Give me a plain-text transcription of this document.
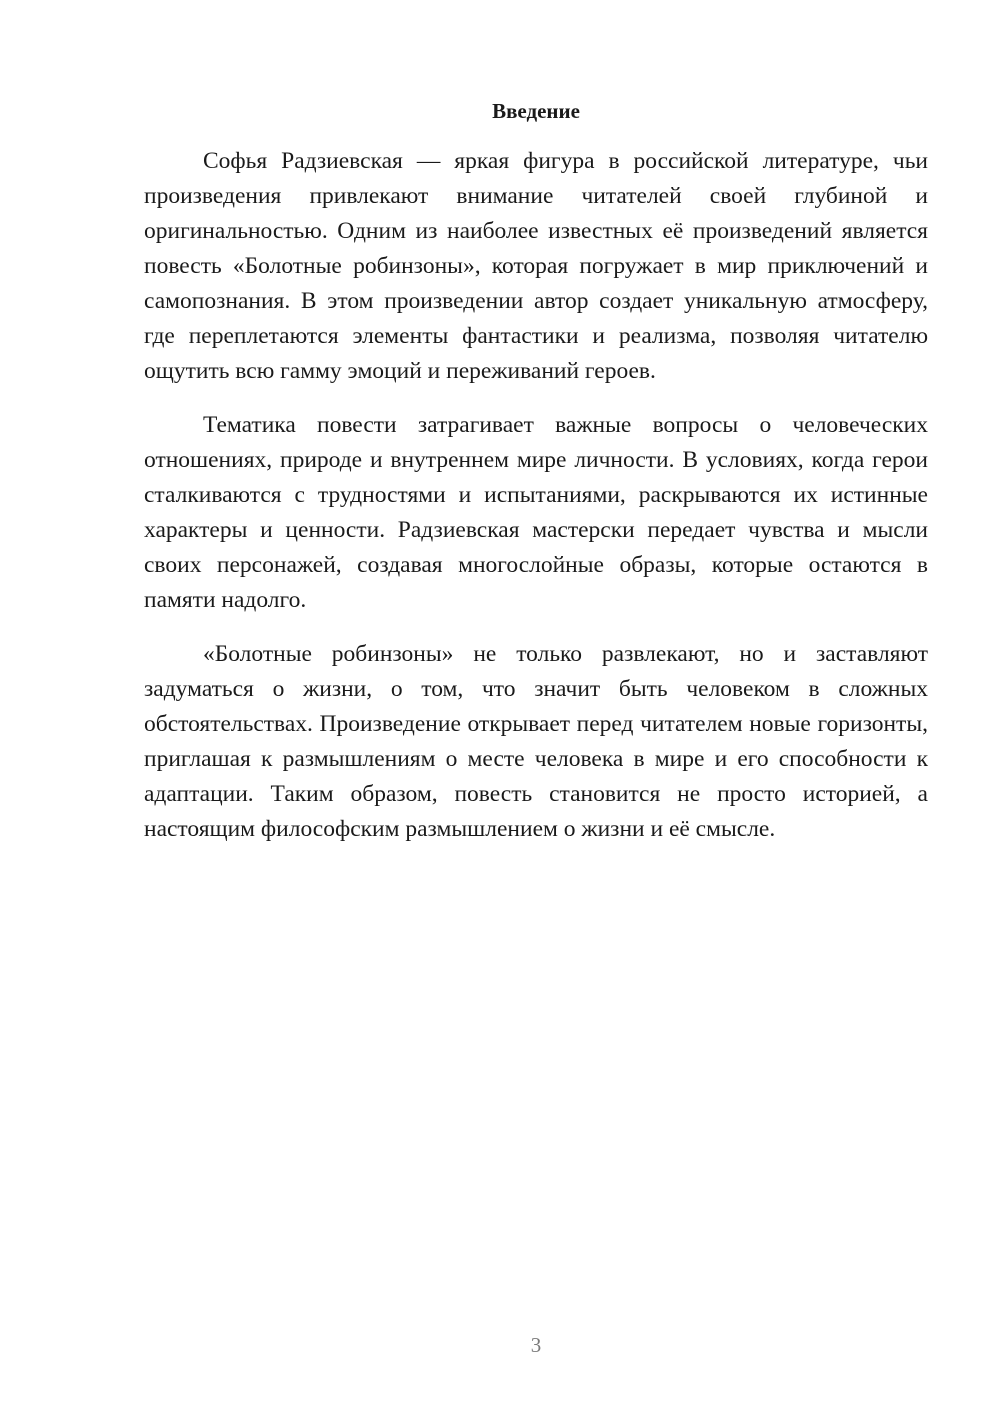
Введение

Софья Радзиевская — яркая фигура в российской литературе, чьи произведения привлекают внимание читателей своей глубиной и оригинальностью. Одним из наиболее известных её произведений является повесть «Болотные робинзоны», которая погружает в мир приключений и самопознания. В этом произведении автор создает уникальную атмосферу, где переплетаются элементы фантастики и реализма, позволяя читателю ощутить всю гамму эмоций и переживаний героев.

Тематика повести затрагивает важные вопросы о человеческих отношениях, природе и внутреннем мире личности. В условиях, когда герои сталкиваются с трудностями и испытаниями, раскрываются их истинные характеры и ценности. Радзиевская мастерски передает чувства и мысли своих персонажей, создавая многослойные образы, которые остаются в памяти надолго.

«Болотные робинзоны» не только развлекают, но и заставляют задуматься о жизни, о том, что значит быть человеком в сложных обстоятельствах. Произведение открывает перед читателем новые горизонты, приглашая к размышлениям о месте человека в мире и его способности к адаптации. Таким образом, повесть становится не просто историей, а настоящим философским размышлением о жизни и её смысле.

3
